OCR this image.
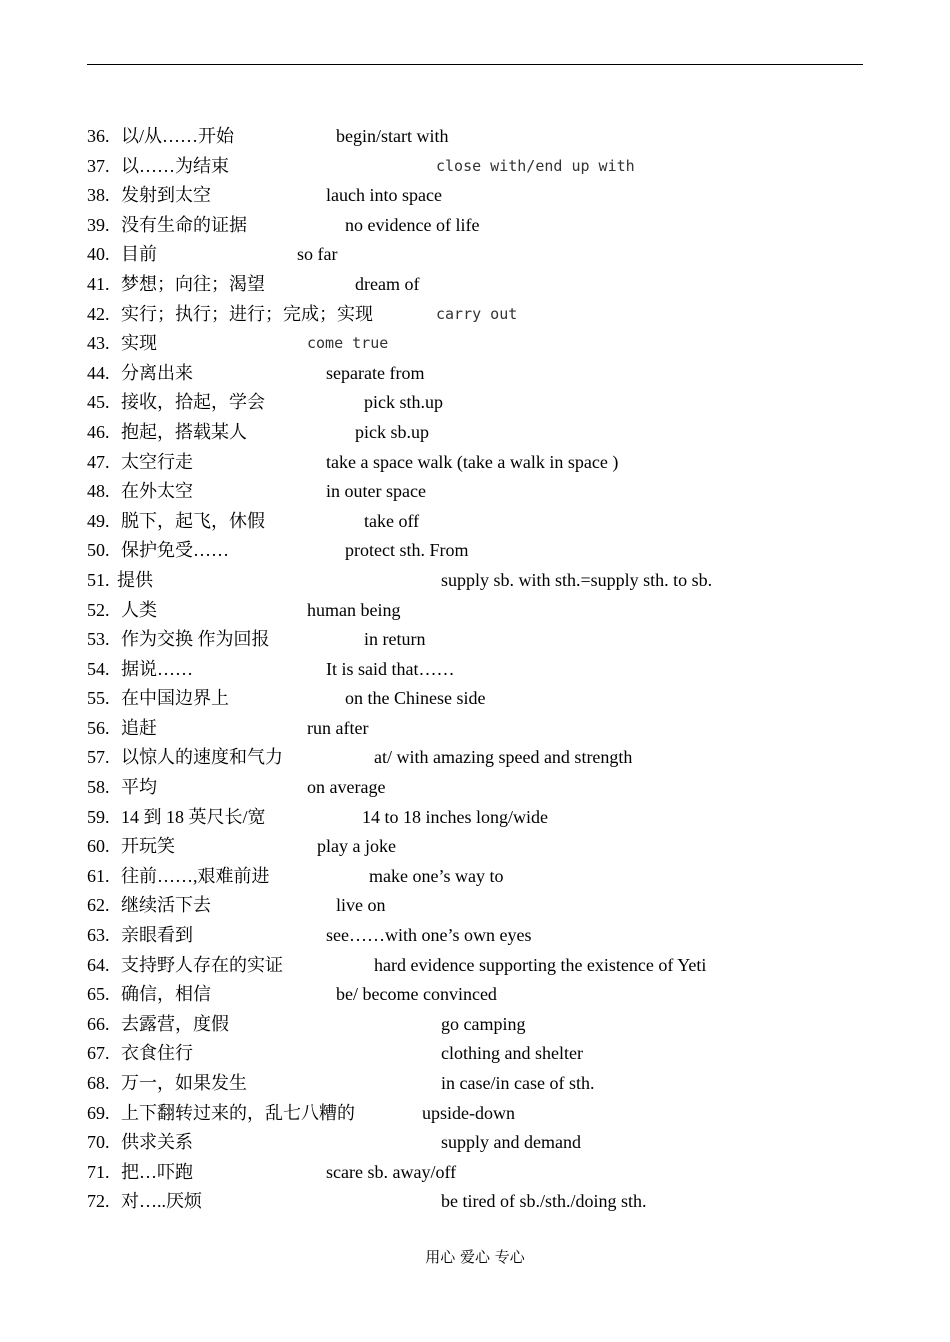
36. 以/从……开始	begin/start with
37. 以……为结束	close with/end up with
38. 发射到太空	lauch into space
39. 没有生命的证据	no evidence of life
40. 目前	so far
41. 梦想；向往；渴望	dream of
42. 实行；执行；进行；完成；实现	carry out
43. 实现	come true
44. 分离出来	separate from
45. 接收，拾起，学会	pick sth.up
46. 抱起，搭载某人	pick sb.up
47. 太空行走	take a space walk (take a walk in space )
48. 在外太空	in outer space
49. 脱下，起飞，休假	take off
50. 保护免受……	protect sth. From
51. 提供	supply sb. with sth.=supply sth. to sb.
52. 人类	human being
53. 作为交换 作为回报	in return
54. 据说……	It is said that……
55. 在中国边界上	on the Chinese side
56. 追赶	run after
57. 以惊人的速度和气力	at/ with amazing speed and strength
58. 平均	on average
59. 14 到 18 英尺长/宽	14 to 18 inches long/wide
60. 开玩笑	play a joke
61. 往前……,艰难前进	make one’s way to
62. 继续活下去	live on
63. 亲眼看到	see……with one’s own eyes
64. 支持野人存在的实证	hard evidence supporting the existence of Yeti
65. 确信，相信	be/ become convinced
66. 去露营，度假	go camping
67. 衣食住行	clothing and shelter
68. 万一，如果发生	in case/in case of sth.
69. 上下翻转过来的，乱七八糟的	upside-down
70. 供求关系	supply and demand
71. 把…吓跑	scare sb. away/off
72. 对…..厌烦	be tired of sb./sth./doing sth.
用心 爱心 专心
